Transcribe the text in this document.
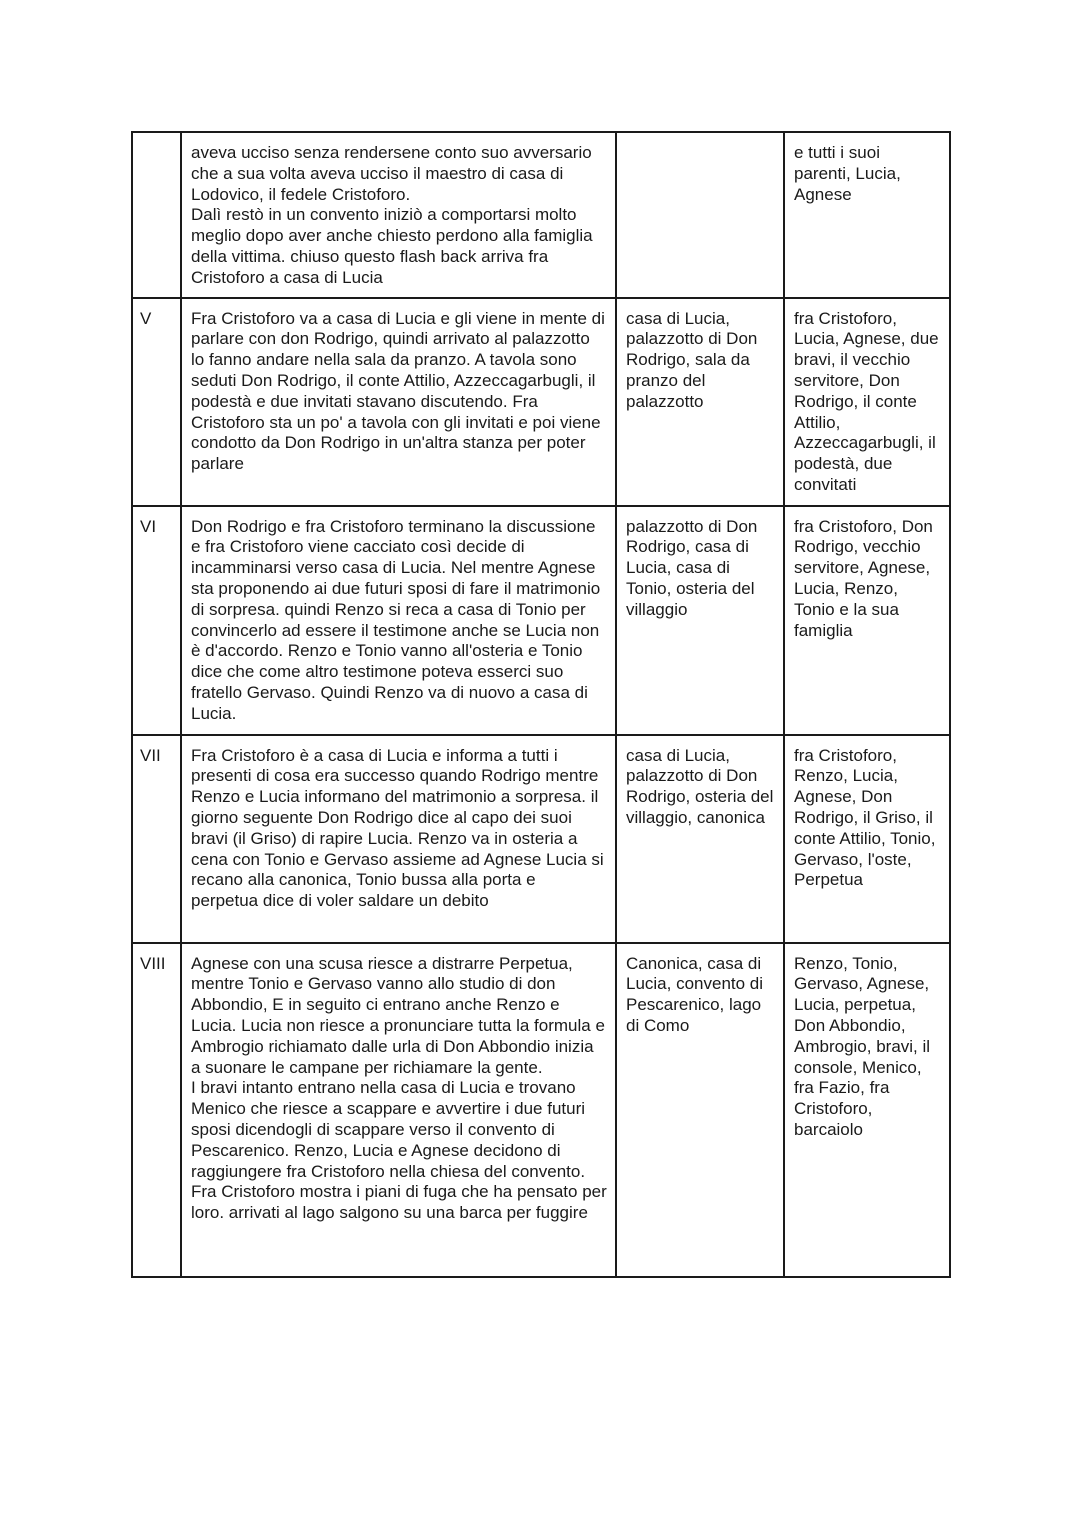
	aveva ucciso senza rendersene conto suo avversario che a sua volta aveva ucciso il maestro di casa di Lodovico, il fedele Cristoforo.
Dalì restò in un convento iniziò a comportarsi molto meglio dopo aver anche chiesto perdono alla famiglia della vittima. chiuso questo flash back arriva fra Cristoforo a casa di Lucia		e tutti i suoi parenti, Lucia, Agnese

V	Fra Cristoforo va a casa di Lucia e gli viene in mente di parlare con don Rodrigo, quindi arrivato al palazzotto lo fanno andare nella sala da pranzo. A tavola sono seduti Don Rodrigo, il conte Attilio, Azzeccagarbugli, il podestà e due invitati stavano discutendo. Fra Cristoforo sta un po' a tavola con gli invitati e poi viene condotto da Don Rodrigo in un'altra stanza per poter parlare	casa di Lucia, palazzotto di Don Rodrigo, sala da pranzo del palazzotto	fra Cristoforo, Lucia, Agnese, due bravi, il vecchio servitore, Don Rodrigo, il conte Attilio, Azzeccagarbugli, il podestà, due convitati

VI	Don Rodrigo e fra Cristoforo terminano la discussione e fra Cristoforo viene cacciato così decide di incamminarsi verso casa di Lucia. Nel mentre Agnese sta proponendo ai due futuri sposi di fare il matrimonio di sorpresa. quindi Renzo si reca a casa di Tonio per convincerlo ad essere il testimone anche se Lucia non è d'accordo. Renzo e Tonio vanno all'osteria e Tonio dice che come altro testimone poteva esserci suo fratello Gervaso. Quindi Renzo va di nuovo a casa di Lucia.	palazzotto di Don Rodrigo, casa di Lucia, casa di Tonio, osteria del villaggio	fra Cristoforo, Don Rodrigo, vecchio servitore, Agnese, Lucia, Renzo, Tonio e la sua famiglia

VII	Fra Cristoforo è a casa di Lucia e informa a tutti i presenti di cosa era successo quando Rodrigo mentre Renzo e Lucia informano del matrimonio a sorpresa. il giorno seguente Don Rodrigo dice al capo dei suoi bravi (il Griso) di rapire Lucia. Renzo va in osteria a cena con Tonio e Gervaso assieme ad Agnese Lucia si recano alla canonica, Tonio bussa alla porta e perpetua dice di voler saldare un debito	casa di Lucia, palazzotto di Don Rodrigo, osteria del villaggio, canonica	fra Cristoforo, Renzo, Lucia, Agnese, Don Rodrigo, il Griso, il conte Attilio, Tonio, Gervaso, l'oste, Perpetua

VIII	Agnese con una scusa riesce a distrarre Perpetua, mentre Tonio e Gervaso vanno allo studio di don Abbondio, E in seguito ci entrano anche Renzo e Lucia. Lucia non riesce a pronunciare tutta la formula e Ambrogio richiamato dalle urla di Don Abbondio inizia a suonare le campane per richiamare la gente.
I bravi intanto entrano nella casa di Lucia e trovano Menico che riesce a scappare e avvertire i due futuri sposi dicendogli di scappare verso il convento di Pescarenico. Renzo, Lucia e Agnese decidono di raggiungere fra Cristoforo nella chiesa del convento. Fra Cristoforo mostra i piani di fuga che ha pensato per loro. arrivati al lago salgono su una barca per fuggire	Canonica, casa di Lucia, convento di Pescarenico, lago di Como	Renzo, Tonio, Gervaso, Agnese, Lucia, perpetua, Don Abbondio, Ambrogio, bravi, il console, Menico, fra Fazio, fra Cristoforo, barcaiolo
